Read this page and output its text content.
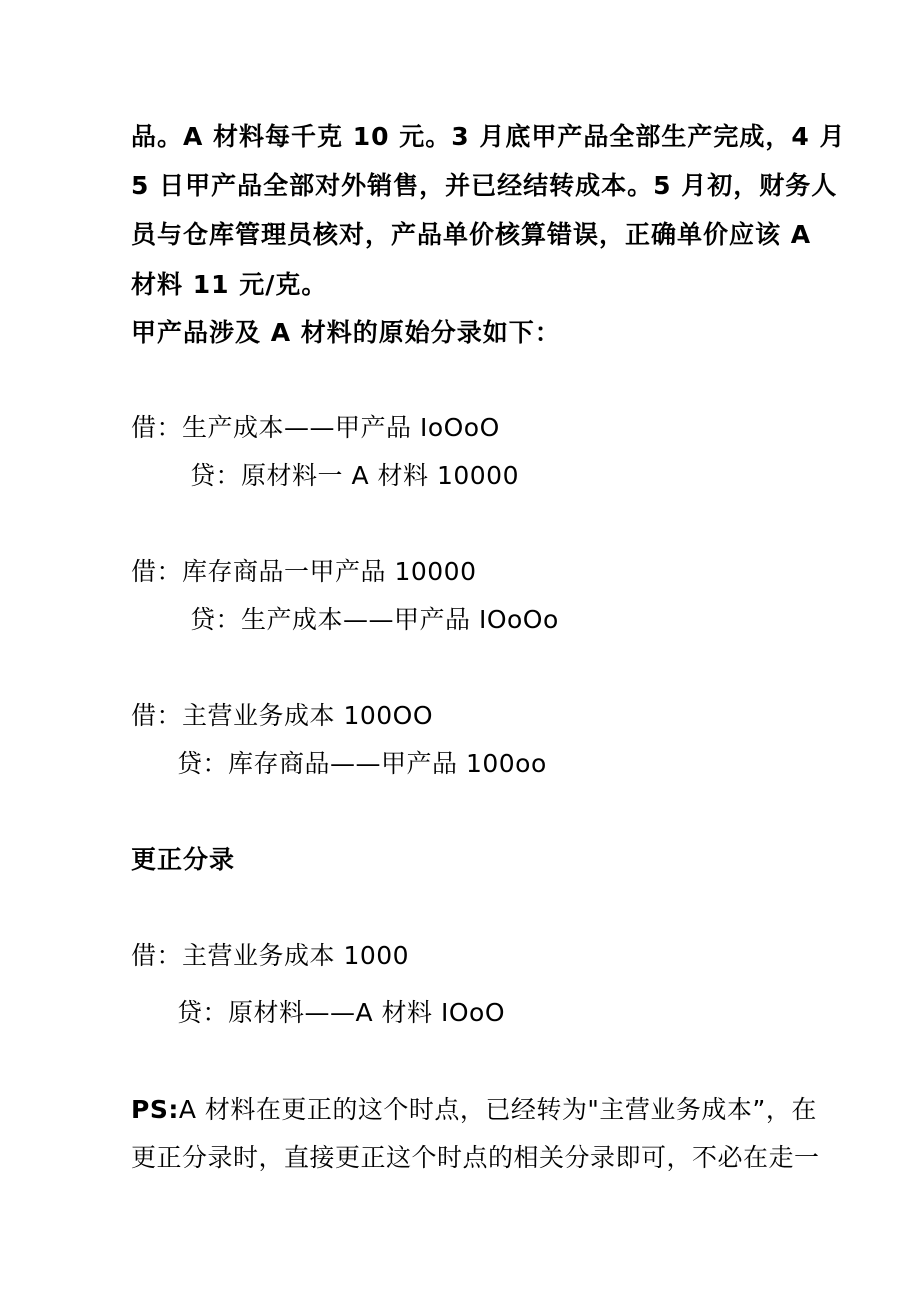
品。A 材料每千克 10 元。3 月底甲产品全部生产完成，4 月
5 日甲产品全部对外销售，并已经结转成本。5 月初，财务人
员与仓库管理员核对，产品单价核算错误，正确单价应该 A
材料 11 元/克。
甲产品涉及 A 材料的原始分录如下：
借：生产成本——甲产品 IoOoO
贷：原材料一 A 材料 10000
借：库存商品一甲产品 10000
贷：生产成本——甲产品 IOoOo
借：主营业务成本 100OO
贷：库存商品——甲产品 100oo
更正分录
借：主营业务成本 1000
贷：原材料——A 材料 IOoO
PS:A 材料在更正的这个时点，已经转为"主营业务成本”，在
更正分录时，直接更正这个时点的相关分录即可，不必在走一
